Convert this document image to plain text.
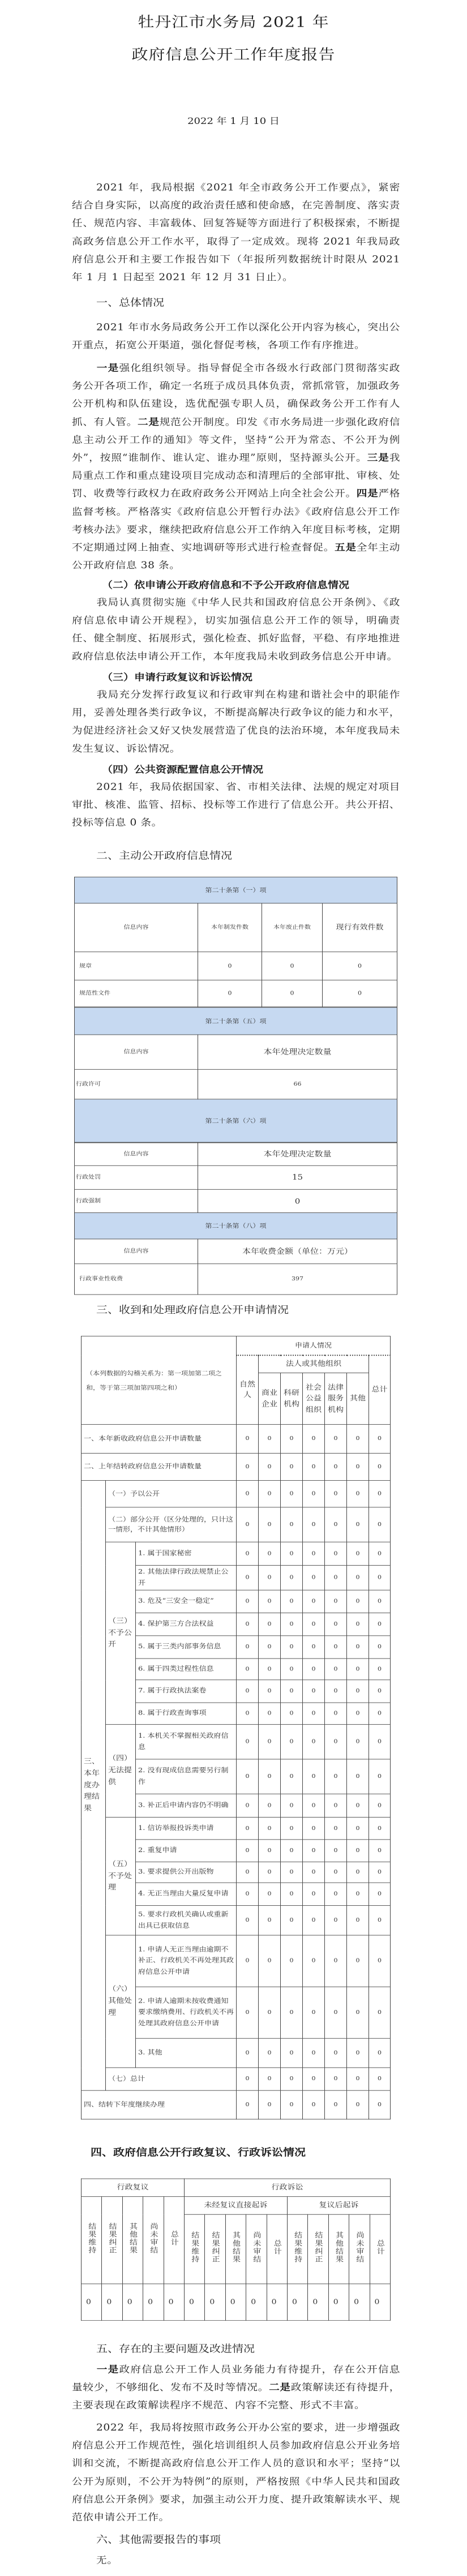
牡丹江市水务局 2021 年
政府信息公开工作年度报告
2022 年 1 月 10 日
2021 年，我局根据《2021 年全市政务公开工作要点》，紧密结合自身实际，以高度的政治责任感和使命感，在完善制度、落实责任、规范内容、丰富载体、回复答疑等方面进行了积极探索，不断提高政务信息公开工作水平，取得了一定成效。现将 2021 年我局政府信息公开和主要工作报告如下（年报所列数据统计时限从 2021 年 1 月 1 日起至 2021 年 12 月 31 日止）。
一、总体情况
2021 年市水务局政务公开工作以深化公开内容为核心，突出公开重点，拓宽公开渠道，强化督促考核，各项工作有序推进。
一是强化组织领导。指导督促全市各级水行政部门贯彻落实政务公开各项工作，确定一名班子成员具体负责，常抓常管，加强政务公开机构和队伍建设，选优配强专职人员，确保政务公开工作有人抓、有人管。二是规范公开制度。印发《市水务局进一步强化政府信息主动公开工作的通知》等文件，坚持“公开为常态、不公开为例外”，按照“谁制作、谁认定、谁办理”原则，坚持源头公开。三是我局重点工作和重点建设项目完成动态和清理后的全部审批、审核、处罚、收费等行政权力在政府政务公开网站上向全社会公开。四是严格监督考核。严格落实《政府信息公开暂行办法》《政府信息公开工作考核办法》要求，继续把政府信息公开工作纳入年度目标考核，定期不定期通过网上抽查、实地调研等形式进行检查督促。五是全年主动公开政府信息 38 条。
（二）依申请公开政府信息和不予公开政府信息情况
我局认真贯彻实施《中华人民共和国政府信息公开条例》、《政府信息依申请公开规程》，切实加强信息公开工作的领导，明确责任、健全制度、拓展形式，强化检查、抓好监督，平稳、有序地推进政府信息依法申请公开工作，本年度我局未收到政务信息公开申请。
（三）申请行政复议和诉讼情况
我局充分发挥行政复议和行政审判在构建和谐社会中的职能作用，妥善处理各类行政争议，不断提高解决行政争议的能力和水平，为促进经济社会又好又快发展营造了优良的法治环境，本年度我局未发生复议、诉讼情况。
（四）公共资源配置信息公开情况
2021 年，我局依据国家、省、市相关法律、法规的规定对项目审批、核准、监管、招标、投标等工作进行了信息公开。共公开招、投标等信息 0 条。
二、主动公开政府信息情况
第二十条第（一）项			
信息内容	本年制发件数	本年废止件数	现行有效件数
规章	0	0	0
规范性文件	0	0	0
第二十条第（五）项	
信息内容	本年处理决定数量
行政许可	66
第二十条第（六）项	
信息内容	本年处理决定数量
行政处罚	15
行政强制	0
第二十条第（八）项	
信息内容	本年收费金额（单位：万元）
行政事业性收费	397
三、收到和处理政府信息公开申请情况
（本列数据的勾稽关系为：第一项加第二项之和，等于第三项加第四项之和）			申请人情况						
			自然人	法人或其他组织					总计
				商业企业	科研机构	社会公益组织	法律服务机构	其他	
一、本年新收政府信息公开申请数量			0	0	0	0	0	0	0
二、上年结转政府信息公开申请数量			0	0	0	0	0	0	0
三、本年度办理结果	（一）予以公开		0	0	0	0	0	0	0
	（二）部分公开（区分处理的，只计这一情形，不计其他情形）		0	0	0	0	0	0	0
	（三）不予公开	1. 属于国家秘密	0	0	0	0	0	0	0
		2. 其他法律行政法规禁止公开	0	0	0	0	0	0	0
		3. 危及“三安全一稳定”	0	0	0	0	0	0	0
		4. 保护第三方合法权益	0	0	0	0	0	0	0
		5. 属于三类内部事务信息	0	0	0	0	0	0	0
		6. 属于四类过程性信息	0	0	0	0	0	0	0
		7. 属于行政执法案卷	0	0	0	0	0	0	0
		8. 属于行政查询事项	0	0	0	0	0	0	0
	（四）无法提供	1. 本机关不掌握相关政府信息	0	0	0	0	0	0	0
		2. 没有现成信息需要另行制作	0	0	0	0	0	0	0
		3. 补正后申请内容仍不明确	0	0	0	0	0	0	0
	（五）不予处理	1. 信访举报投诉类申请	0	0	0	0	0	0	0
		2. 重复申请	0	0	0	0	0	0	0
		3. 要求提供公开出版物	0	0	0	0	0	0	0
		4. 无正当理由大量反复申请	0	0	0	0	0	0	0
		5. 要求行政机关确认或重新出具已获取信息	0	0	0	0	0	0	0
	（六）其他处理	1. 申请人无正当理由逾期不补正、行政机关不再处理其政府信息公开申请	0	0	0	0	0	0	0
		2. 申请人逾期未按收费通知要求缴纳费用、行政机关不再处理其政府信息公开申请	0	0	0	0	0	0	0
		3. 其他	0	0	0	0	0	0	0
	（七）总计		0	0	0	0	0	0	0
四、结转下年度继续办理			0	0	0	0	0	0	0
四、政府信息公开行政复议、行政诉讼情况
行政复议					行政诉讼									
结果维持	结果纠正	其他结果	尚未审结	总计	未经复议直接起诉					复议后起诉				
					结果维持	结果纠正	其他结果	尚未审结	总计	结果维持	结果纠正	其他结果	尚未审结	总计
0	0	0	0	0	0	0	0	0	0	0	0	0	0	0
五、存在的主要问题及改进情况
一是政府信息公开工作人员业务能力有待提升，存在公开信息量较少，不够细化、发布不及时等情况。二是政策解读还有待提升，主要表现在政策解读程序不规范、内容不完整、形式不丰富。
2022 年，我局将按照市政务公开办公室的要求，进一步增强政府信息公开工作规范性，强化培训组织人员参加政府信息公开业务培训和交流，不断提高政府信息公开工作人员的意识和水平；坚持“以公开为原则，不公开为特例”的原则，严格按照《中华人民共和国政府信息公开条例》要求，加强主动公开力度、提升政策解读水平、规范依申请公开工作。
六、其他需要报告的事项
无。
